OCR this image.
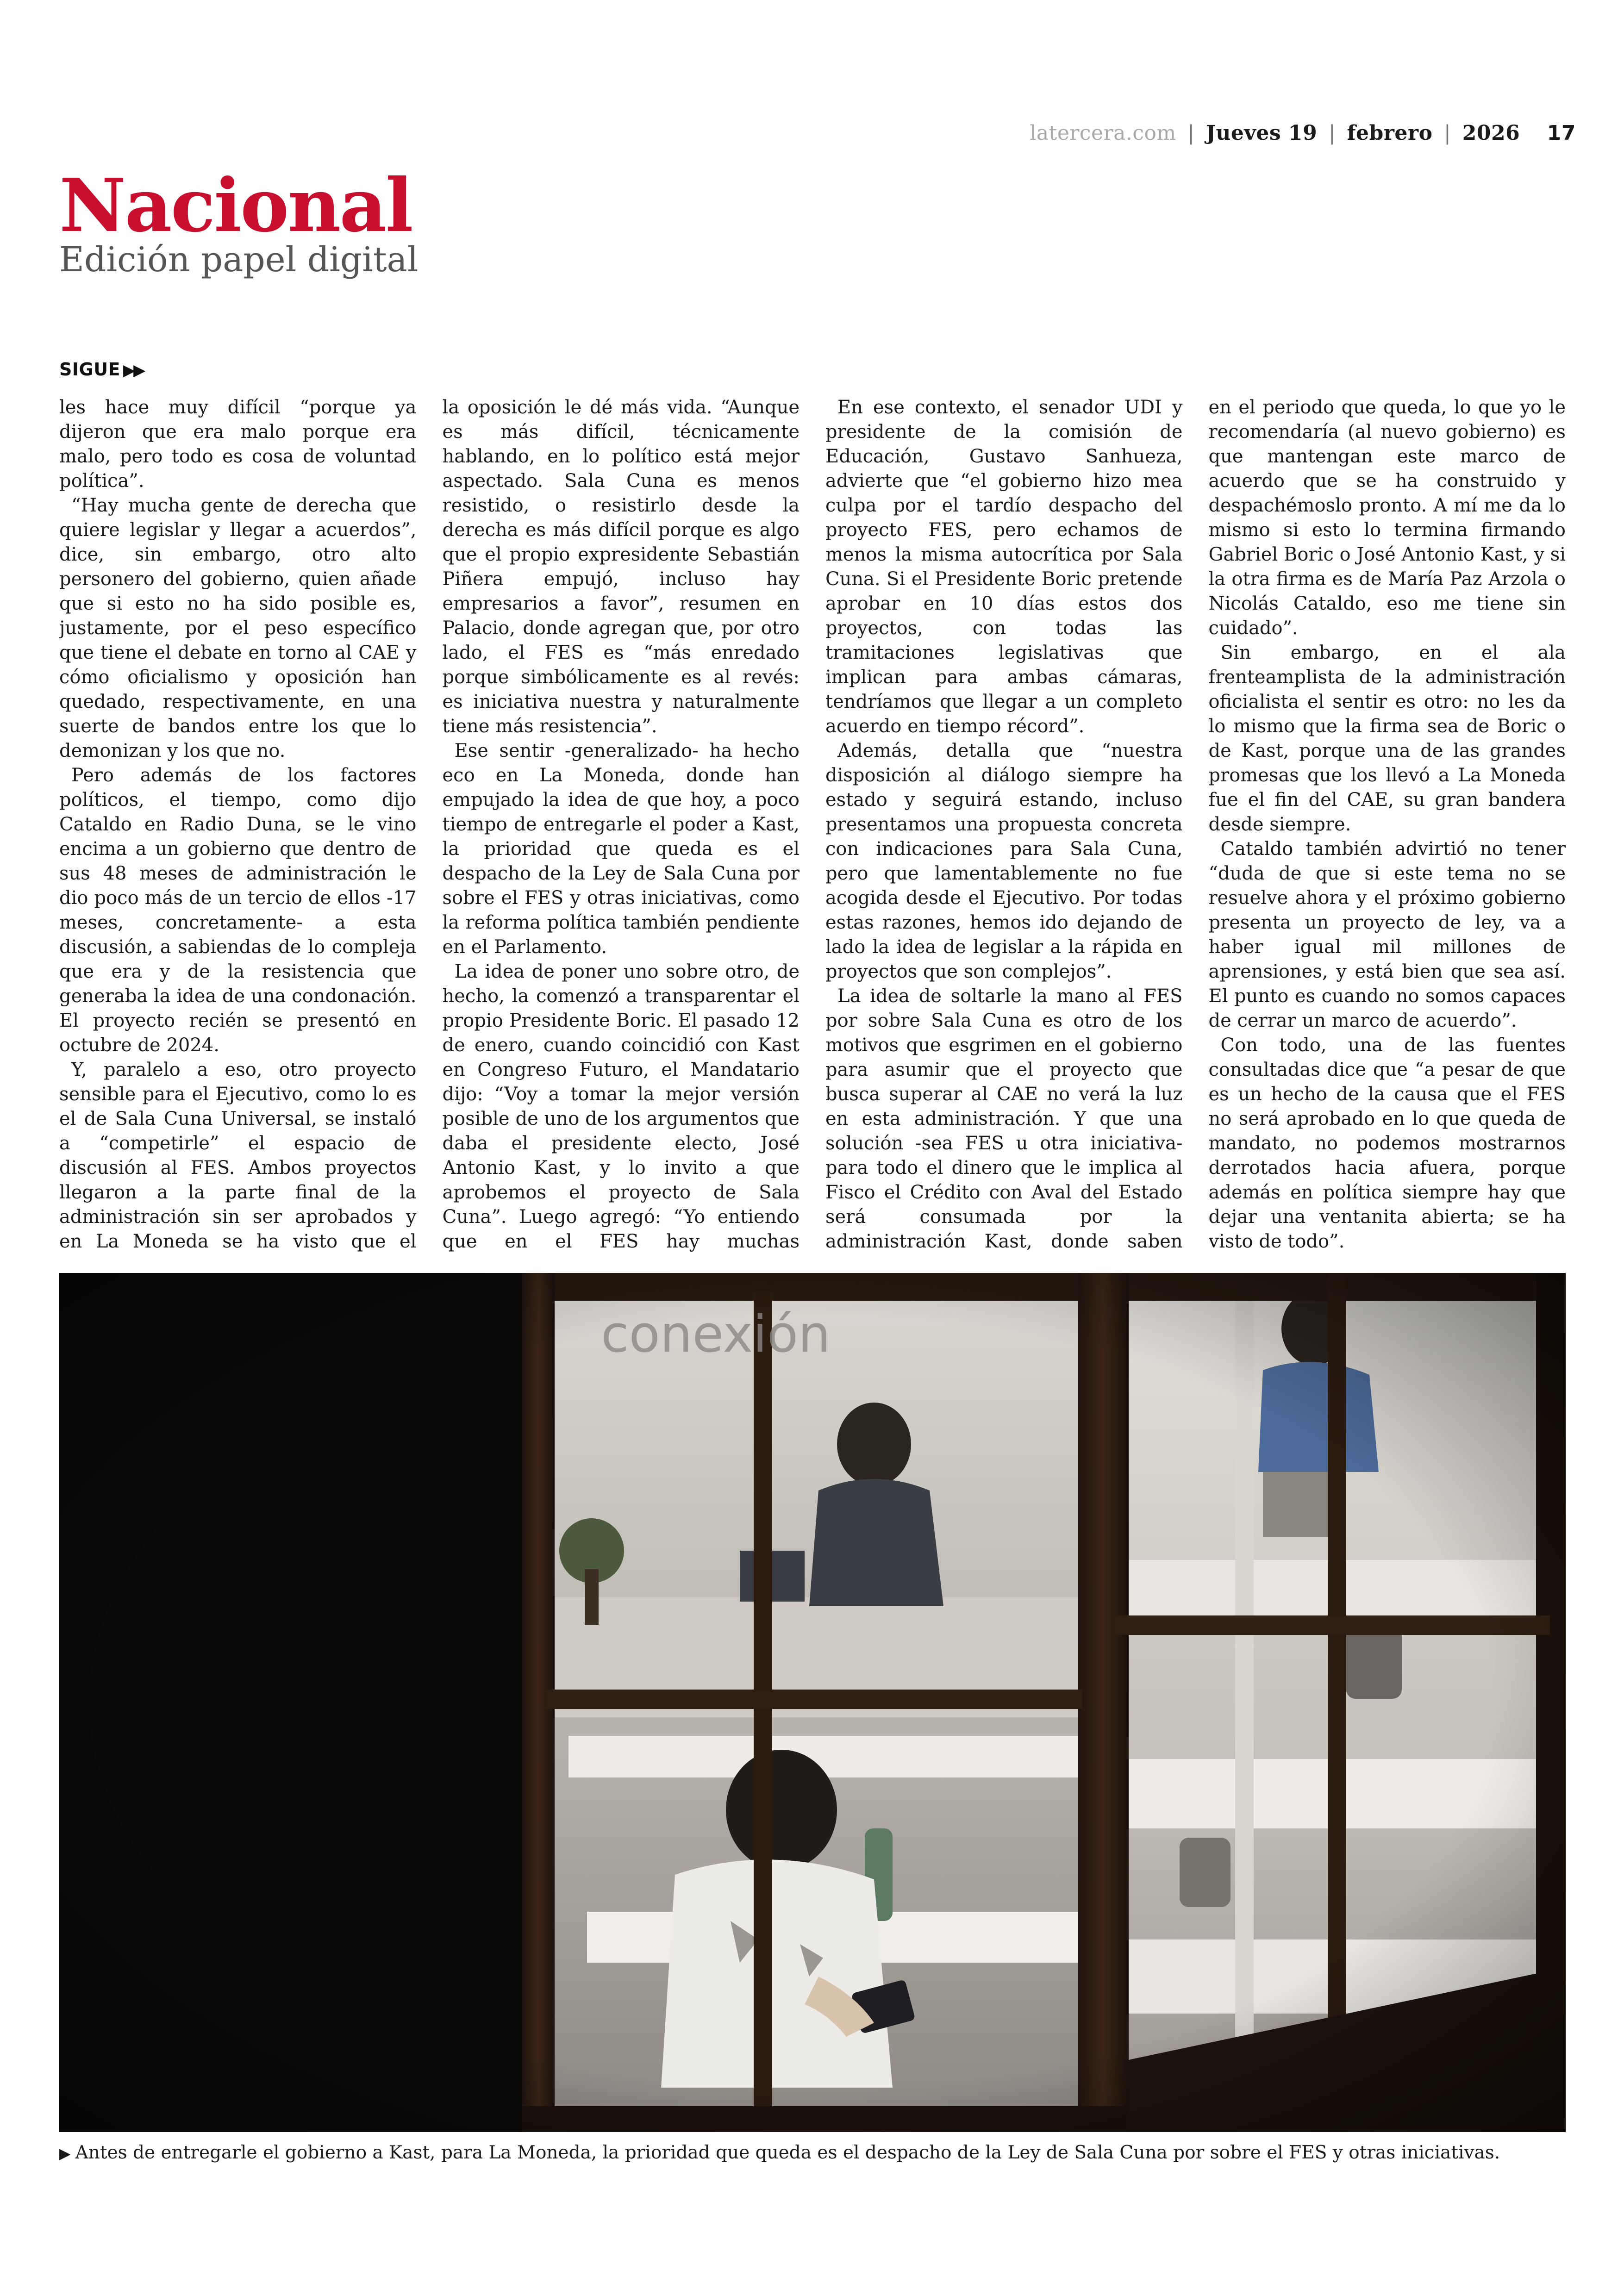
latercera.com | Jueves 19 | febrero | 2026 17
Nacional
Edición papel digital
SIGUE ▶▶

les hace muy difícil “porque ya dijeron que era malo porque era malo, pero todo es cosa de voluntad política”.

“Hay mucha gente de derecha que quiere legislar y llegar a acuerdos”, dice, sin embargo, otro alto personero del gobierno, quien añade que si esto no ha sido posible es, justamente, por el peso específico que tiene el debate en torno al CAE y cómo oficialismo y oposición han quedado, respectivamente, en una suerte de bandos entre los que lo demonizan y los que no.

Pero además de los factores políticos, el tiempo, como dijo Cataldo en Radio Duna, se le vino encima a un gobierno que dentro de sus 48 meses de administración le dio poco más de un tercio de ellos -17 meses, concretamente- a esta discusión, a sabiendas de lo compleja que era y de la resistencia que generaba la idea de una condonación. El proyecto recién se presentó en octubre de 2024.

Y, paralelo a eso, otro proyecto sensible para el Ejecutivo, como lo es el de Sala Cuna Universal, se instaló a “competirle” el espacio de discusión al FES. Ambos proyectos llegaron a la parte final de la administración sin ser aprobados y en La Moneda se ha visto que el

la oposición le dé más vida. “Aunque es más difícil, técnicamente hablando, en lo político está mejor aspectado. Sala Cuna es menos resistido, o resistirlo desde la derecha es más difícil porque es algo que el propio expresidente Sebastián Piñera empujó, incluso hay empresarios a favor”, resumen en Palacio, donde agregan que, por otro lado, el FES es “más enredado porque simbólicamente es al revés: es iniciativa nuestra y naturalmente tiene más resistencia”.

Ese sentir -generalizado- ha hecho eco en La Moneda, donde han empujado la idea de que hoy, a poco tiempo de entregarle el poder a Kast, la prioridad que queda es el despacho de la Ley de Sala Cuna por sobre el FES y otras iniciativas, como la reforma política también pendiente en el Parlamento.

La idea de poner uno sobre otro, de hecho, la comenzó a transparentar el propio Presidente Boric. El pasado 12 de enero, cuando coincidió con Kast en Congreso Futuro, el Mandatario dijo: “Voy a tomar la mejor versión posible de uno de los argumentos que daba el presidente electo, José Antonio Kast, y lo invito a que aprobemos el proyecto de Sala Cuna”. Luego agregó: “Yo entiendo que en el FES hay muchas

En ese contexto, el senador UDI y presidente de la comisión de Educación, Gustavo Sanhueza, advierte que “el gobierno hizo mea culpa por el tardío despacho del proyecto FES, pero echamos de menos la misma autocrítica por Sala Cuna. Si el Presidente Boric pretende aprobar en 10 días estos dos proyectos, con todas las tramitaciones legislativas que implican para ambas cámaras, tendríamos que llegar a un completo acuerdo en tiempo récord”.

Además, detalla que “nuestra disposición al diálogo siempre ha estado y seguirá estando, incluso presentamos una propuesta concreta con indicaciones para Sala Cuna, pero que lamentablemente no fue acogida desde el Ejecutivo. Por todas estas razones, hemos ido dejando de lado la idea de legislar a la rápida en proyectos que son complejos”.

La idea de soltarle la mano al FES por sobre Sala Cuna es otro de los motivos que esgrimen en el gobierno para asumir que el proyecto que busca superar al CAE no verá la luz en esta administración. Y que una solución -sea FES u otra iniciativa- para todo el dinero que le implica al Fisco el Crédito con Aval del Estado será consumada por la administración Kast, donde saben

en el periodo que queda, lo que yo le recomendaría (al nuevo gobierno) es que mantengan este marco de acuerdo que se ha construido y despachémoslo pronto. A mí me da lo mismo si esto lo termina firmando Gabriel Boric o José Antonio Kast, y si la otra firma es de María Paz Arzola o Nicolás Cataldo, eso me tiene sin cuidado”.

Sin embargo, en el ala frenteamplista de la administración oficialista el sentir es otro: no les da lo mismo que la firma sea de Boric o de Kast, porque una de las grandes promesas que los llevó a La Moneda fue el fin del CAE, su gran bandera desde siempre.

Cataldo también advirtió no tener “duda de que si este tema no se resuelve ahora y el próximo gobierno presenta un proyecto de ley, va a haber igual mil millones de aprensiones, y está bien que sea así. El punto es cuando no somos capaces de cerrar un marco de acuerdo”.

Con todo, una de las fuentes consultadas dice que “a pesar de que es un hecho de la causa que el FES no será aprobado en lo que queda de mandato, no podemos mostrarnos derrotados hacia afuera, porque además en política siempre hay que dejar una ventanita abierta; se ha visto de todo”.

▶ Antes de entregarle el gobierno a Kast, para La Moneda, la prioridad que queda es el despacho de la Ley de Sala Cuna por sobre el FES y otras iniciativas.
